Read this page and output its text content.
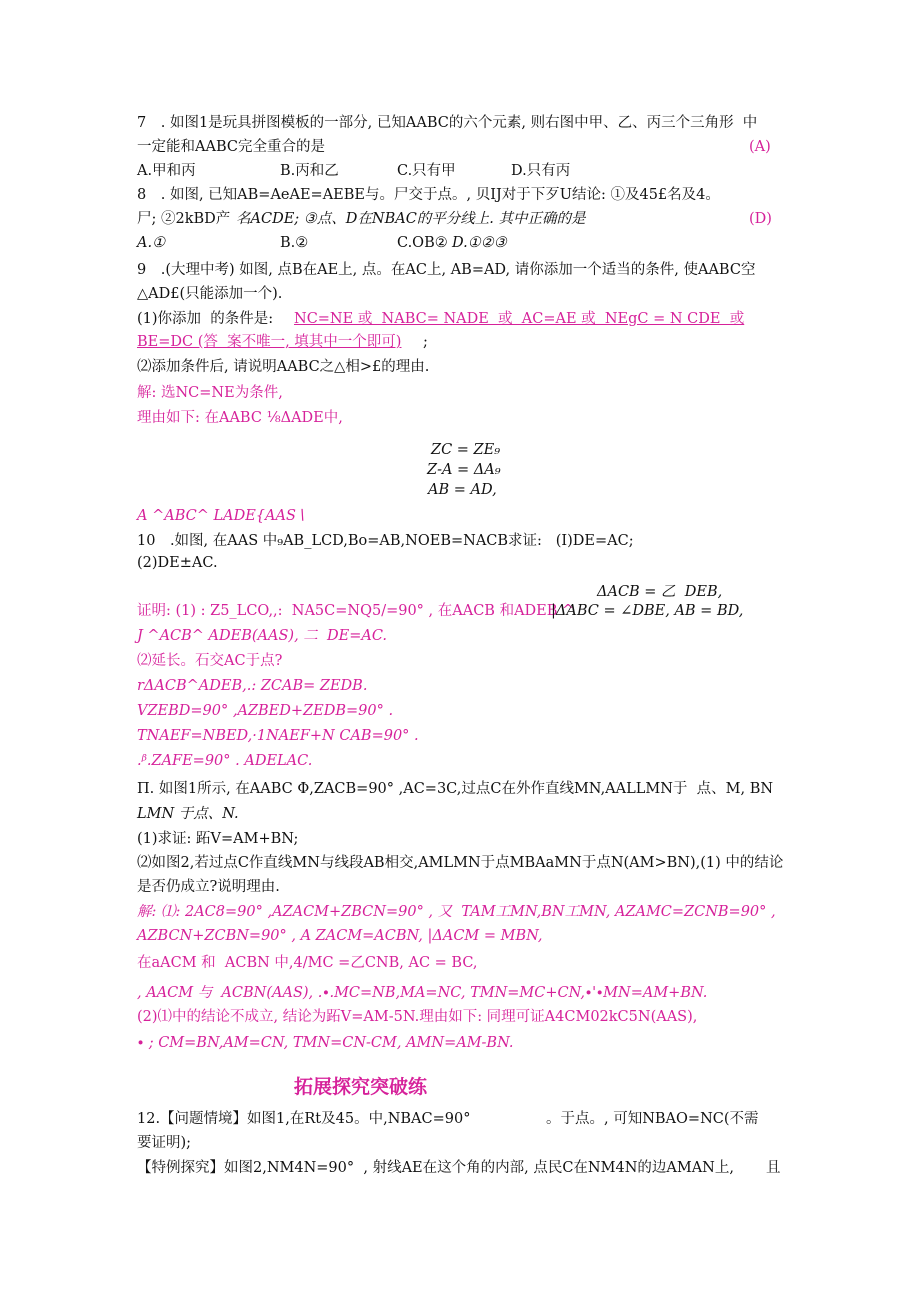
7　. 如图1是玩具拼图模板的一部分, 已知AABC的六个元素, 则右图中甲、乙、丙三个三角形  中
一定能和AABC完全重合的是	(A)
A.甲和丙	B.丙和乙	C.只有甲	D.只有丙
8　. 如图, 已知AB=AeAE=AEBE与。尸交于点。, 贝IJ对于下歹U结论: ①及45£名及4。
尸; ②2kBD产 名ACDE; ③点、D在NBAC的平分线上. 其中正确的是	(D)
A.①	B.②	C.OB② D.①②③
9　.(大理中考) 如图, 点B在AE上, 点。在AC上, AB=AD, 请你添加一个适当的条件, 使AABC空
△AD£(只能添加一个).
(1)你添加  的条件是: NC=NE 或  NABC= NADE  或  AC=AE 或  NEgC = N CDE  或
BE=DC (答  案不唯一, 填其中一个即可) ;
⑵添加条件后, 请说明AABC之△相>£的理由.
解: 选NC=NE为条件,
理由如下: 在AABC ⅛ΔADE中,
ZC = ZE₉
Z-A = ΔA₉
AB = AD,
A ^ABC^ LADE{AAS∖
10　.如图, 在AAS 中₉AB_LCD,Bo=AB,NOEB=NACB求证:   (I)DE=AC;
(2)DE±AC.
ΔACB = 乙  DEB,
证明: (1) : Z5_LCO,,:  NA5C=NQ5/=90° , 在AACB 和ADEB ^
|ΔABC = ∠DBE, AB = BD,
J ^ACB^ ADEB(AAS), 二  DE=AC.
⑵延长。石交AC于点?
rΔACB^ADEB,.: ZCAB= ZEDB.
VZEBD=90° ,AZBED+ZEDB=90° .
TNAEF=NBED,·1NAEF+N CAB=90° .
.ᵝ.ZAFE=90° . ADELAC.
Π. 如图1所示, 在AABC Φ,ZACB=90° ,AC=3C,过点C在外作直线MN,AALLMN于  点、M, BN
LMN 于点、N.
(1)求证: 跖V=AM+BN;
⑵如图2,若过点C作直线MN与线段AB相交,AMLMN于点MBAaMN于点N(AM>BN),(1) 中的结论
是否仍成立?说明理由.
解: ⑴: 2AC8=90° ,AZACM+ZBCN=90° , 又  TAM工MN,BN工MN, AZAMC=ZCNB=90° ,
AZBCN+ZCBN=90° , A ZACM=ACBN, |ΔACM = MBN,
在aACM 和  ACBN 中,4/MC =乙CNB, AC = BC,
, AACM 与  ACBN(AAS), .∙.MC=NB,MA=NC, TMN=MC+CN,∙'∙MN=AM+BN.
(2)⑴中的结论不成立, 结论为跖V=AM-5N.理由如下: 同理可证A4CM02kC5N(AAS),
∙ ; CM=BN,AM=CN, TMN=CN-CM, AMN=AM-BN.
拓展探究突破练
12.【问题情境】如图1,在Rt及45。中,NBAC=90°	。于点。, 可知NBAO=NC(不需
要证明);
【特例探究】如图2,NM4N=90°  , 射线AE在这个角的内部, 点民C在NM4N的边AMAN上, 且
